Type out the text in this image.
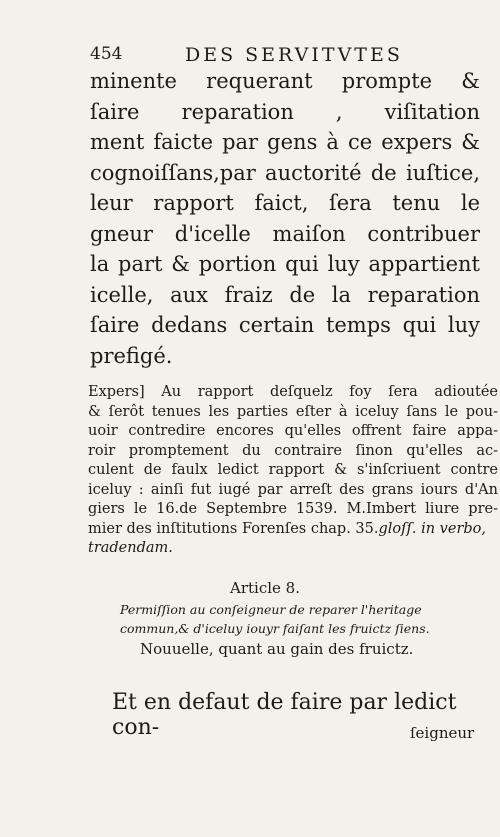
454	DES SERVITVTES
minente requerant prompte &
ſaire reparation , viſitation
ment faicte par gens à ce expers &
cognoiſſans,par auctorité de iuſtice,
leur rapport faict, ſera tenu le
gneur d'icelle maiſon contribuer
la part & portion qui luy appartient
icelle, aux fraiz de la reparation
ſaire dedans certain temps qui luy
prefigé.
Expers] Au rapport deſquelz foy ſera adioutée
& ſerôt tenues les parties eſter à iceluy ſans le pou-
uoir contredire encores qu'elles offrent faire appa-
roir promptement du contraire ſinon qu'elles ac-
culent de faulx ledict rapport & s'inſcriuent contre
iceluy : ainſi fut iugé par arreſt des grans iours d'An
giers le 16.de Septembre 1539. M.Imbert liure pre-
mier des inſtitutions Forenſes chap. 35.gloſſ. in verbo,
tradendam.
Article 8.
Permiſſion au conſeigneur de reparer l'heritage
commun,& d'iceluy iouyr faiſant les fruictz ſiens.
Nouuelle, quant au gain des fruictz.
Et en defaut de faire par ledict con-	ſeigneur
